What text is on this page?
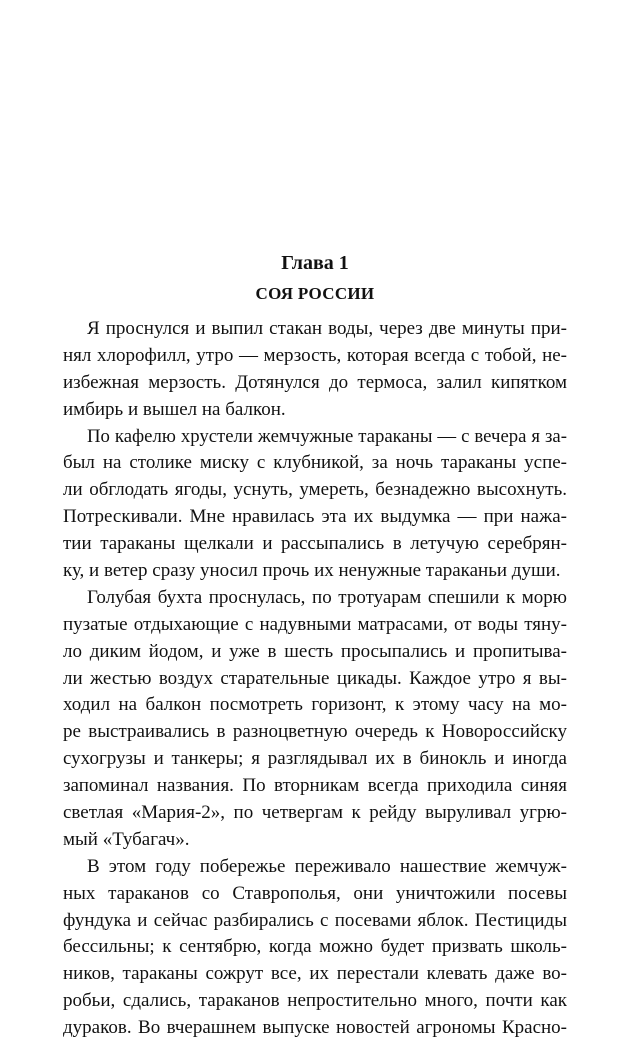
Глава 1
СОЯ РОССИИ
Я проснулся и выпил стакан воды, через две минуты при-
нял хлорофилл, утро — мерзость, которая всегда с тобой, не-
избежная мерзость. Дотянулся до термоса, залил кипятком
имбирь и вышел на балкон.
По кафелю хрустели жемчужные тараканы — с вечера я за-
был на столике миску с клубникой, за ночь тараканы успе-
ли обглодать ягоды, уснуть, умереть, безнадежно высохнуть.
Потрескивали. Мне нравилась эта их выдумка — при нажа-
тии тараканы щелкали и рассыпались в летучую серебрян-
ку, и ветер сразу уносил прочь их ненужные тараканьи души.
Голубая бухта проснулась, по тротуарам спешили к морю
пузатые отдыхающие с надувными матрасами, от воды тяну-
ло диким йодом, и уже в шесть просыпались и пропитыва-
ли жестью воздух старательные цикады. Каждое утро я вы-
ходил на балкон посмотреть горизонт, к этому часу на мо-
ре выстраивались в разноцветную очередь к Новороссийску
сухогрузы и танкеры; я разглядывал их в бинокль и иногда
запоминал названия. По вторникам всегда приходила синяя
светлая «Мария-2», по четвергам к рейду выруливал угрю-
мый «Тубагач».
В этом году побережье переживало нашествие жемчуж-
ных тараканов со Ставрополья, они уничтожили посевы
фундука и сейчас разбирались с посевами яблок. Пестициды
бессильны; к сентябрю, когда можно будет призвать школь-
ников, тараканы сожрут все, их перестали клевать даже во-
робьи, сдались, тараканов непростительно много, почти как
дураков. Во вчерашнем выпуске новостей агрономы Красно-
